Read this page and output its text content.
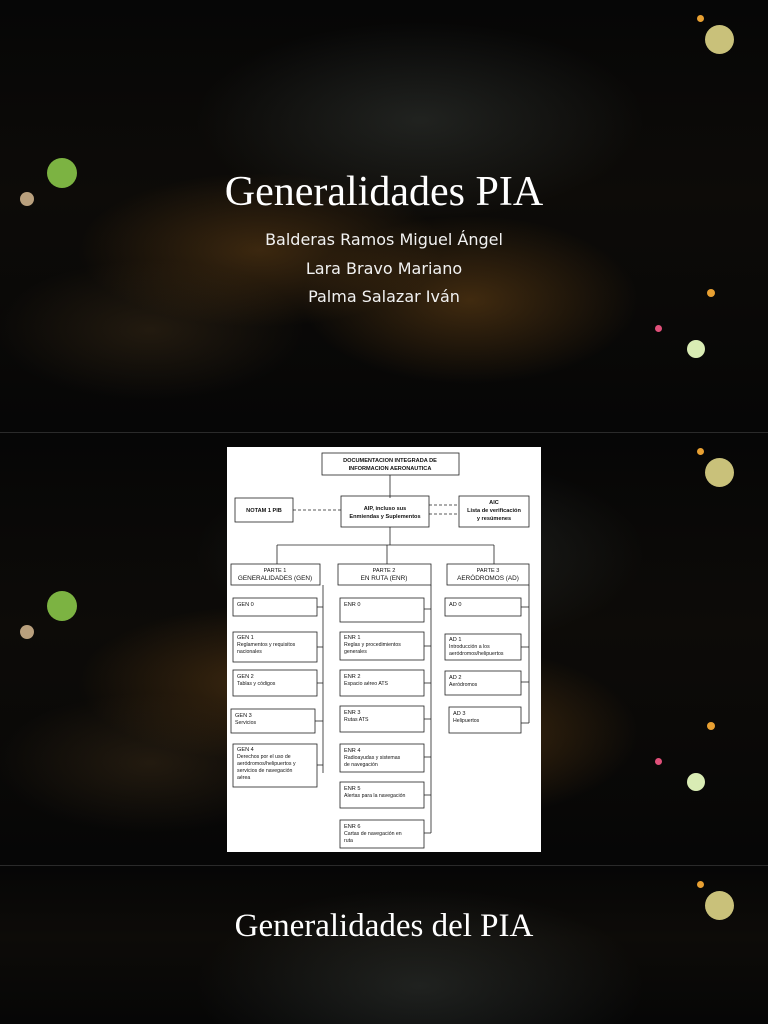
Generalidades PIA
Balderas Ramos Miguel Ángel
Lara Bravo Mariano
Palma Salazar Iván
DOCUMENTACION INTEGRADA DE
INFORMACION AERONAUTICA
NOTAM 1 PIB	AIP, incluso sus
Enmiendas y Suplementos
AIC
Lista de verificación
y resúmenes
PARTE 1
GENERALIDADES (GEN)
PARTE 2
EN RUTA (ENR)
PARTE 3
AERÓDROMOS (AD)
GEN 0
GEN 1
Reglamentos y requisitos
nacionales
GEN 2
Tablas y códigos
GEN 3
Servicios
GEN 4
Derechos por el uso de
aeródromos/helipuertos y
servicios de navegación
aérea
ENR 0
ENR 1
Reglas y procedimientos
generales
ENR 2
Espacio aéreo ATS
ENR 3
Rutas ATS
ENR 4
Radioayudas y sistemas
de navegación
ENR 5
Alertas para la navegación
ENR 6
Cartas de navegación en
ruta
AD 0
AD 1
Introducción a los
aeródromos/helipuertos
AD 2
Aeródromos
AD 3
Helipuertos
Generalidades del PIA
